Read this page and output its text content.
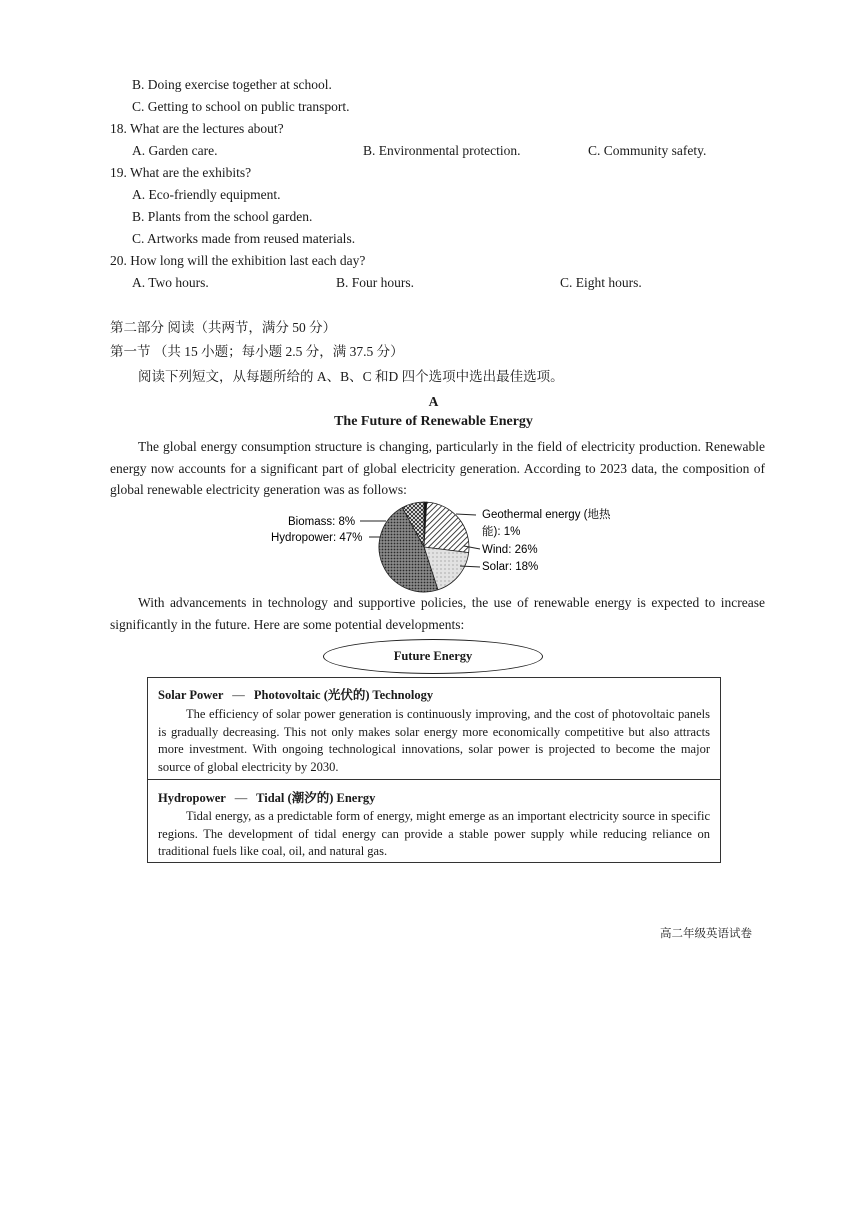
B. Doing exercise together at school.
C. Getting to school on public transport.
18. What are the lectures about?
A. Garden care.	B. Environmental protection.	C. Community safety.
19. What are the exhibits?
A. Eco-friendly equipment.
B. Plants from the school garden.
C. Artworks made from reused materials.
20. How long will the exhibition last each day?
A. Two hours.	B. Four hours.	C. Eight hours.
第二部分 阅读（共两节，满分 50 分）
第一节 （共 15 小题；每小题 2.5 分，满 37.5 分）
阅读下列短文，从每题所给的 A、B、C 和D 四个选项中选出最佳选项。
A
The Future of Renewable Energy
The global energy consumption structure is changing, particularly in the field of electricity production. Renewable energy now accounts for a significant part of global electricity generation. According to 2023 data, the composition of global renewable electricity generation was as follows:
Biomass: 8%
Hydropower: 47%
Geothermal energy (地热
能): 1%
Wind: 26%
Solar: 18%
With advancements in technology and supportive policies, the use of renewable energy is expected to increase significantly in the future. Here are some potential developments:
Future Energy
Solar Power — Photovoltaic (光伏的) Technology
The efficiency of solar power generation is continuously improving, and the cost of photovoltaic panels is gradually decreasing. This not only makes solar energy more economically competitive but also attracts more investment. With ongoing technological innovations, solar power is projected to become the major source of global electricity by 2030.
Hydropower — Tidal (潮汐的) Energy
Tidal energy, as a predictable form of energy, might emerge as an important electricity source in specific regions. The development of tidal energy can provide a stable power supply while reducing reliance on traditional fuels like coal, oil, and natural gas.
高二年级英语试卷
